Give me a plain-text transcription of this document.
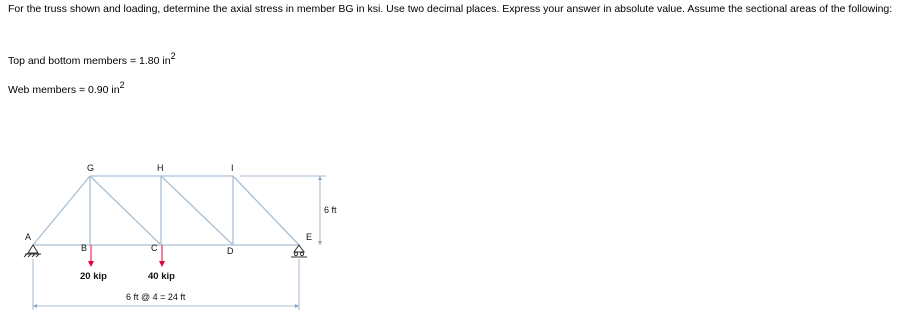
For the truss shown and loading, determine the axial stress in member BG in ksi. Use two decimal places. Express your answer in absolute value. Assume the sectional areas of the following:
Top and bottom members = 1.80 in2
Web members = 0.90 in2
A
G	H	I
B	C	D
E
20 kip	40 kip
6 ft
6 ft @ 4 = 24 ft
